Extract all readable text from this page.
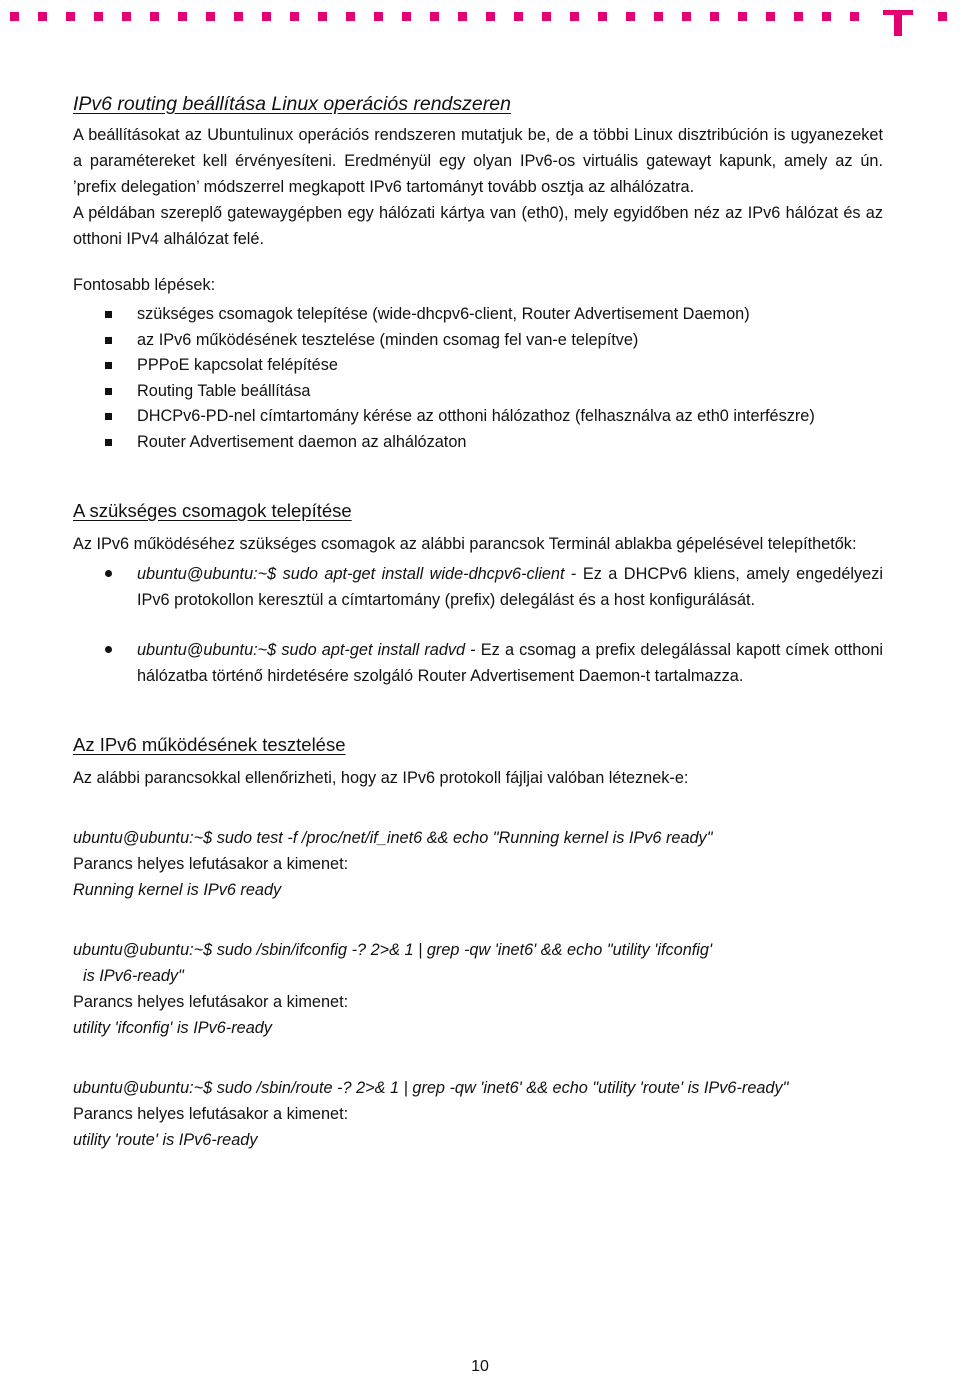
IPv6 routing beállítása Linux operációs rendszeren

A beállításokat az Ubuntulinux operációs rendszeren mutatjuk be, de a többi Linux disztribúción is ugyanezeket a paramétereket kell érvényesíteni. Eredményül egy olyan IPv6-os virtuális gatewayt kapunk, amely az ún. ’prefix delegation’ módszerrel megkapott IPv6 tartományt tovább osztja az alhálózatra.

A példában szereplő gatewaygépben egy hálózati kártya van (eth0), mely egyidőben néz az IPv6 hálózat és az otthoni IPv4 alhálózat felé.

Fontosabb lépések:

szükséges csomagok telepítése (wide-dhcpv6-client, Router Advertisement Daemon)
az IPv6 működésének tesztelése (minden csomag fel van-e telepítve)
PPPoE kapcsolat felépítése
Routing Table beállítása
DHCPv6-PD-nel címtartomány kérése az otthoni hálózathoz (felhasználva az eth0 interfészre)
Router Advertisement daemon az alhálózaton
A szükséges csomagok telepítése

Az IPv6 működéséhez szükséges csomagok az alábbi parancsok Terminál ablakba gépelésével telepíthetők:

ubuntu@ubuntu:~$ sudo apt-get install wide-dhcpv6-client - Ez a DHCPv6 kliens, amely engedélyezi IPv6 protokollon keresztül a címtartomány (prefix) delegálást és a host konfigurálását.
ubuntu@ubuntu:~$ sudo apt-get install radvd - Ez a csomag a prefix delegálással kapott címek otthoni hálózatba történő hirdetésére szolgáló Router Advertisement Daemon-t tartalmazza.
Az IPv6 működésének tesztelése

Az alábbi parancsokkal ellenőrizheti, hogy az IPv6 protokoll fájljai valóban léteznek-e:

ubuntu@ubuntu:~$ sudo test -f /proc/net/if_inet6 && echo "Running kernel is IPv6 ready"

Parancs helyes lefutásakor a kimenet:

Running kernel is IPv6 ready
ubuntu@ubuntu:~$ sudo /sbin/ifconfig -? 2>& 1 | grep -qw 'inet6' && echo "utility 'ifconfig'
is IPv6-ready"

Parancs helyes lefutásakor a kimenet:

utility 'ifconfig' is IPv6-ready
ubuntu@ubuntu:~$ sudo /sbin/route -? 2>& 1 | grep -qw 'inet6' && echo "utility 'route' is IPv6-ready"

Parancs helyes lefutásakor a kimenet:

utility 'route' is IPv6-ready
10
